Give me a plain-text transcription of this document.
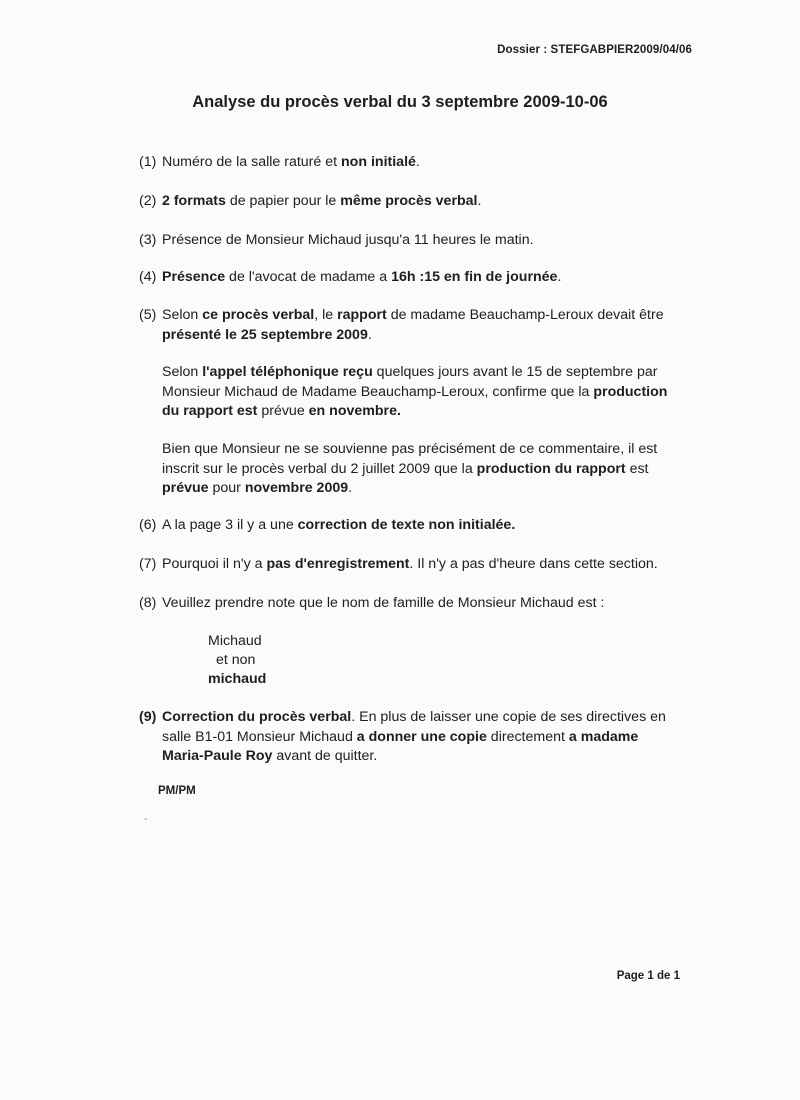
Dossier : STEFGABPIER2009/04/06
Analyse du procès verbal du 3 septembre 2009-10-06
(1) Numéro de la salle raturé et non initialé.
(2) 2 formats de papier pour le même procès verbal.
(3) Présence de Monsieur Michaud jusqu'a 11 heures le matin.
(4) Présence de l'avocat de madame a 16h :15 en fin de journée.
(5) Selon ce procès verbal, le rapport de madame Beauchamp-Leroux devait être
présenté le 25 septembre 2009.
Selon l'appel téléphonique reçu quelques jours avant le 15 de septembre par
Monsieur Michaud de Madame Beauchamp-Leroux, confirme que la production
du rapport est prévue en novembre.
Bien que Monsieur ne se souvienne pas précisément de ce commentaire, il est
inscrit sur le procès verbal du 2 juillet 2009 que la production du rapport est
prévue pour novembre 2009.
(6) A la page 3 il y a une correction de texte non initialée.
(7) Pourquoi il n'y a pas d'enregistrement. Il n'y a pas d'heure dans cette section.
(8) Veuillez prendre note que le nom de famille de Monsieur Michaud est :
Michaud
et non
michaud
(9) Correction du procès verbal. En plus de laisser une copie de ses directives en
salle B1-01 Monsieur Michaud a donner une copie directement a madame
Maria-Paule Roy avant de quitter.
PM/PM
-
Page 1 de 1
